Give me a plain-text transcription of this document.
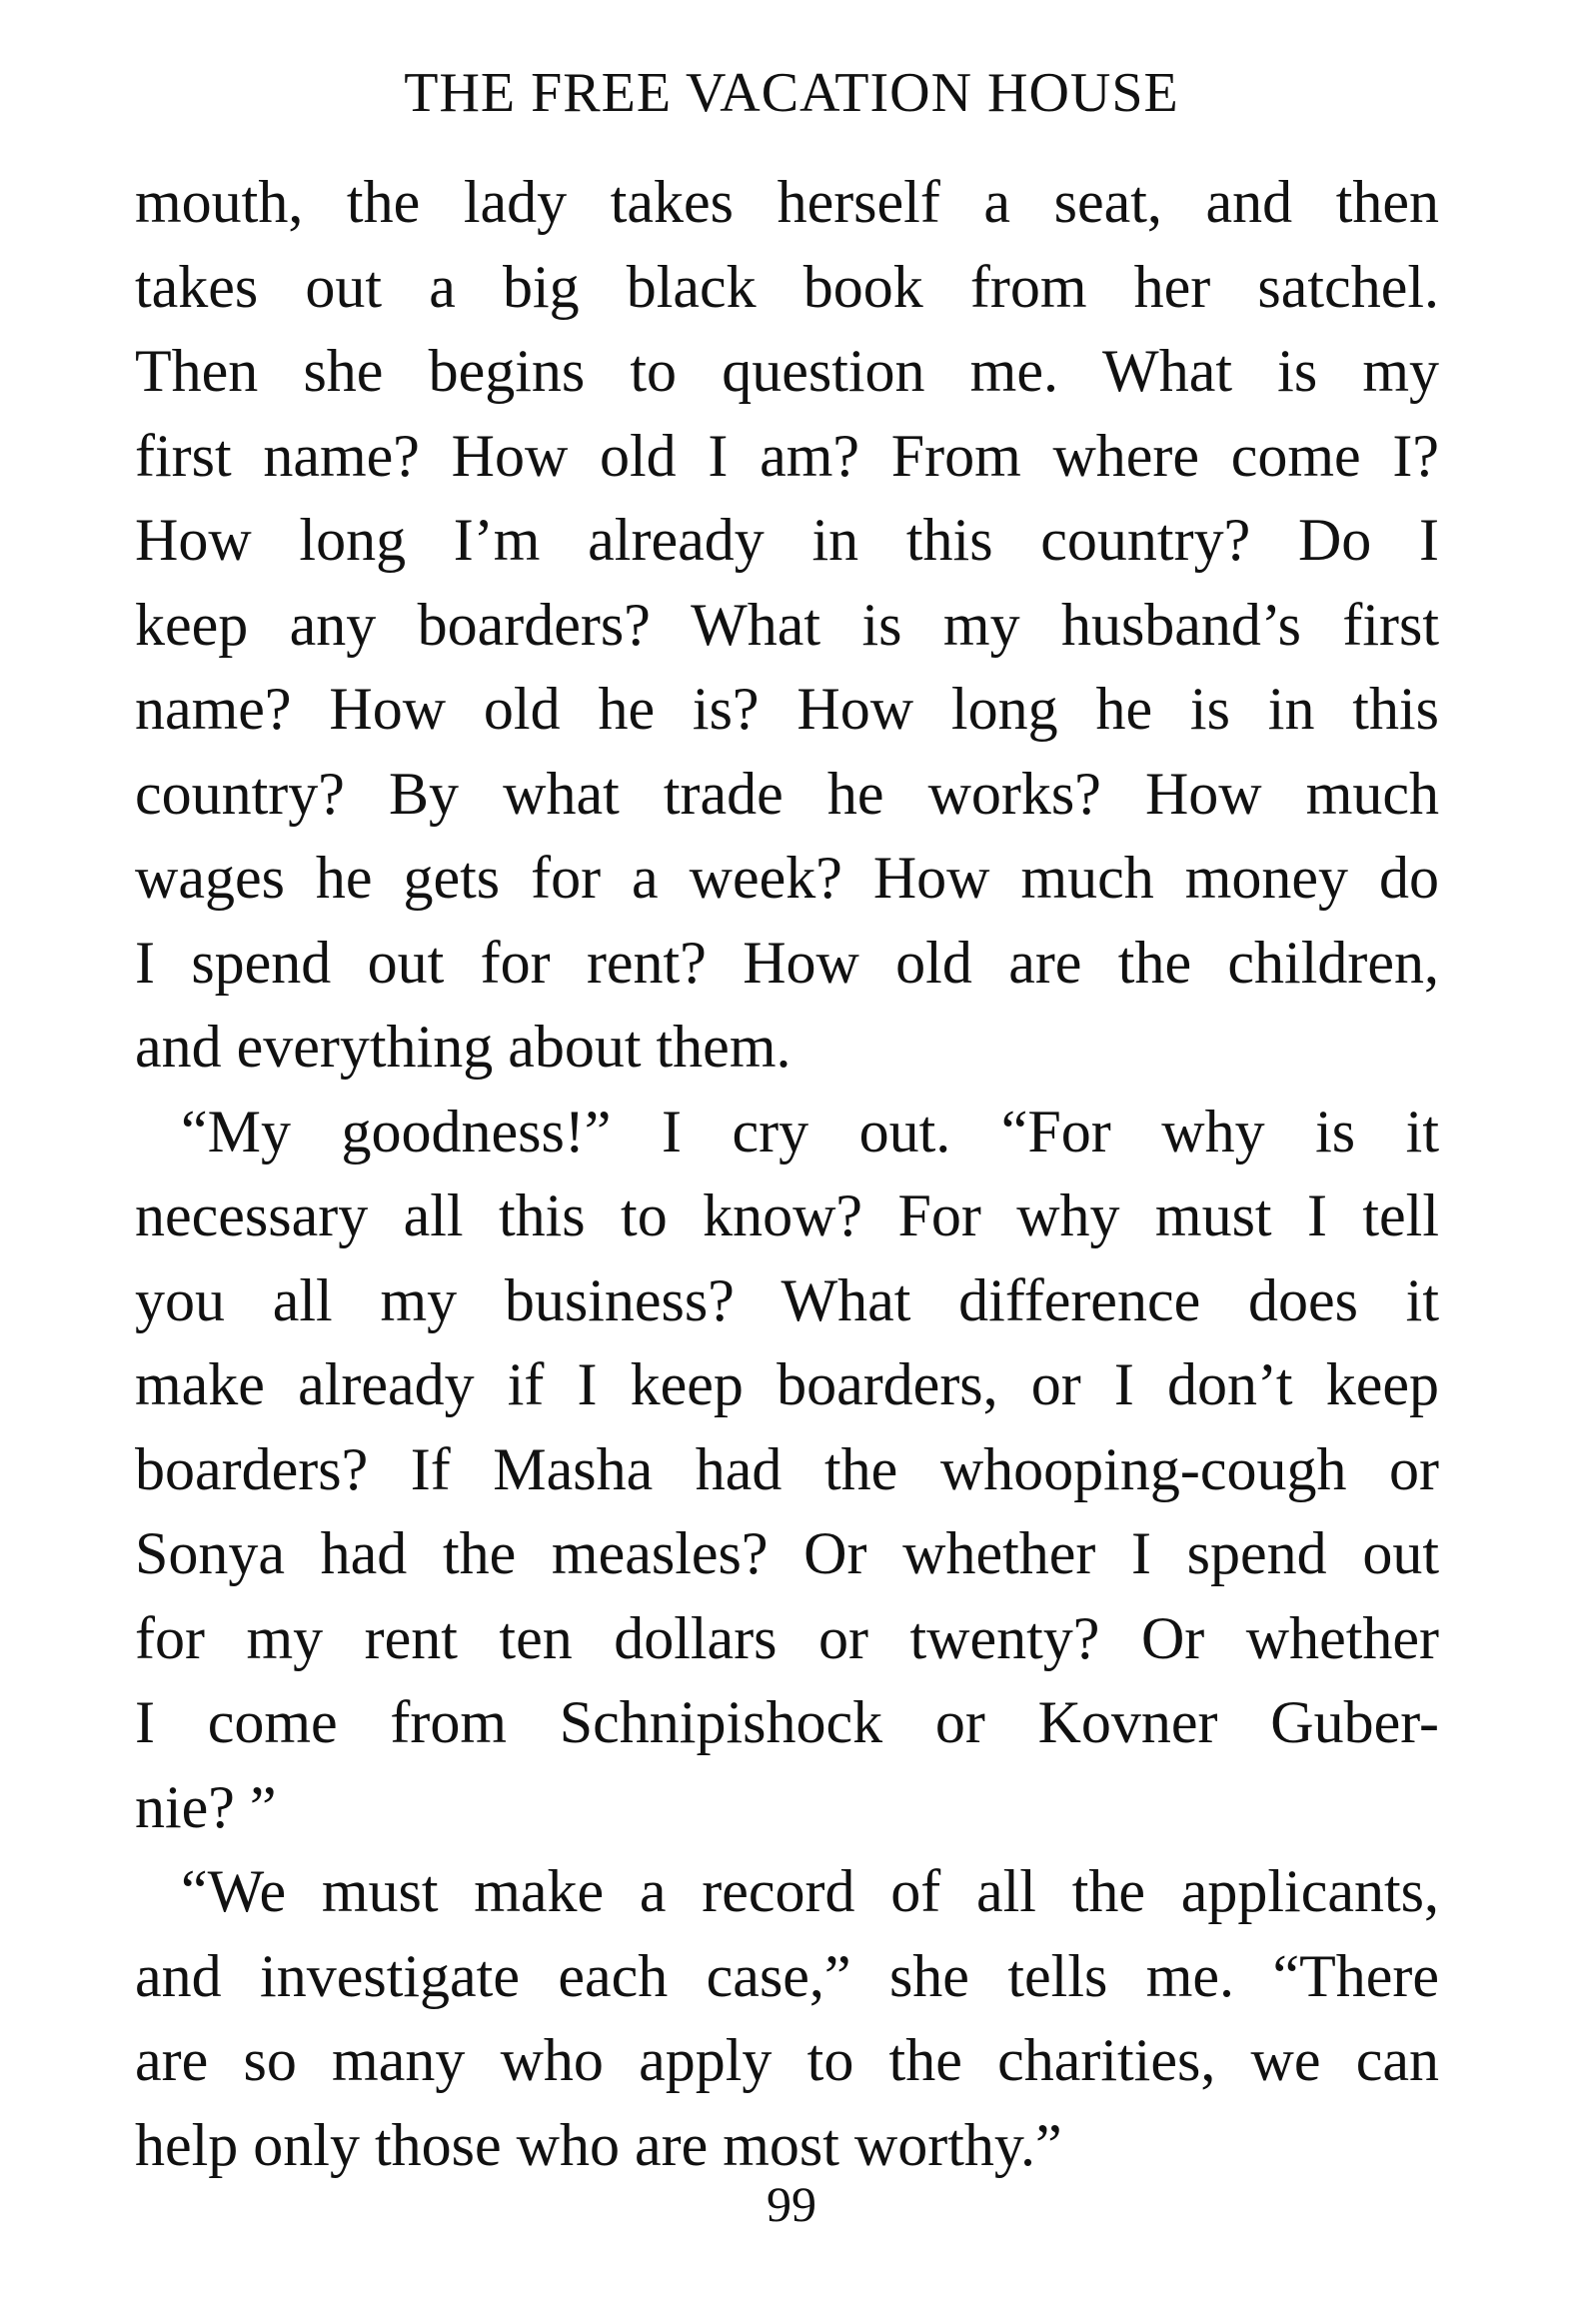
THE FREE VACATION HOUSE
mouth, the lady takes herself a seat, and then
takes out a big black book from her satchel.
Then she begins to question me. What is my
first name? How old I am? From where come I?
How long I’m already in this country? Do I
keep any boarders? What is my husband’s first
name? How old he is? How long he is in this
country? By what trade he works? How much
wages he gets for a week? How much money do
I spend out for rent? How old are the children,
and everything about them.
“My goodness!” I cry out. “For why is it
necessary all this to know? For why must I tell
you all my business? What difference does it
make already if I keep boarders, or I don’t keep
boarders? If Masha had the whooping-cough or
Sonya had the measles? Or whether I spend out
for my rent ten dollars or twenty? Or whether
I come from Schnipishock or Kovner Guber-
nie? ”
“We must make a record of all the applicants,
and investigate each case,” she tells me. “There
are so many who apply to the charities, we can
help only those who are most worthy.”
99
